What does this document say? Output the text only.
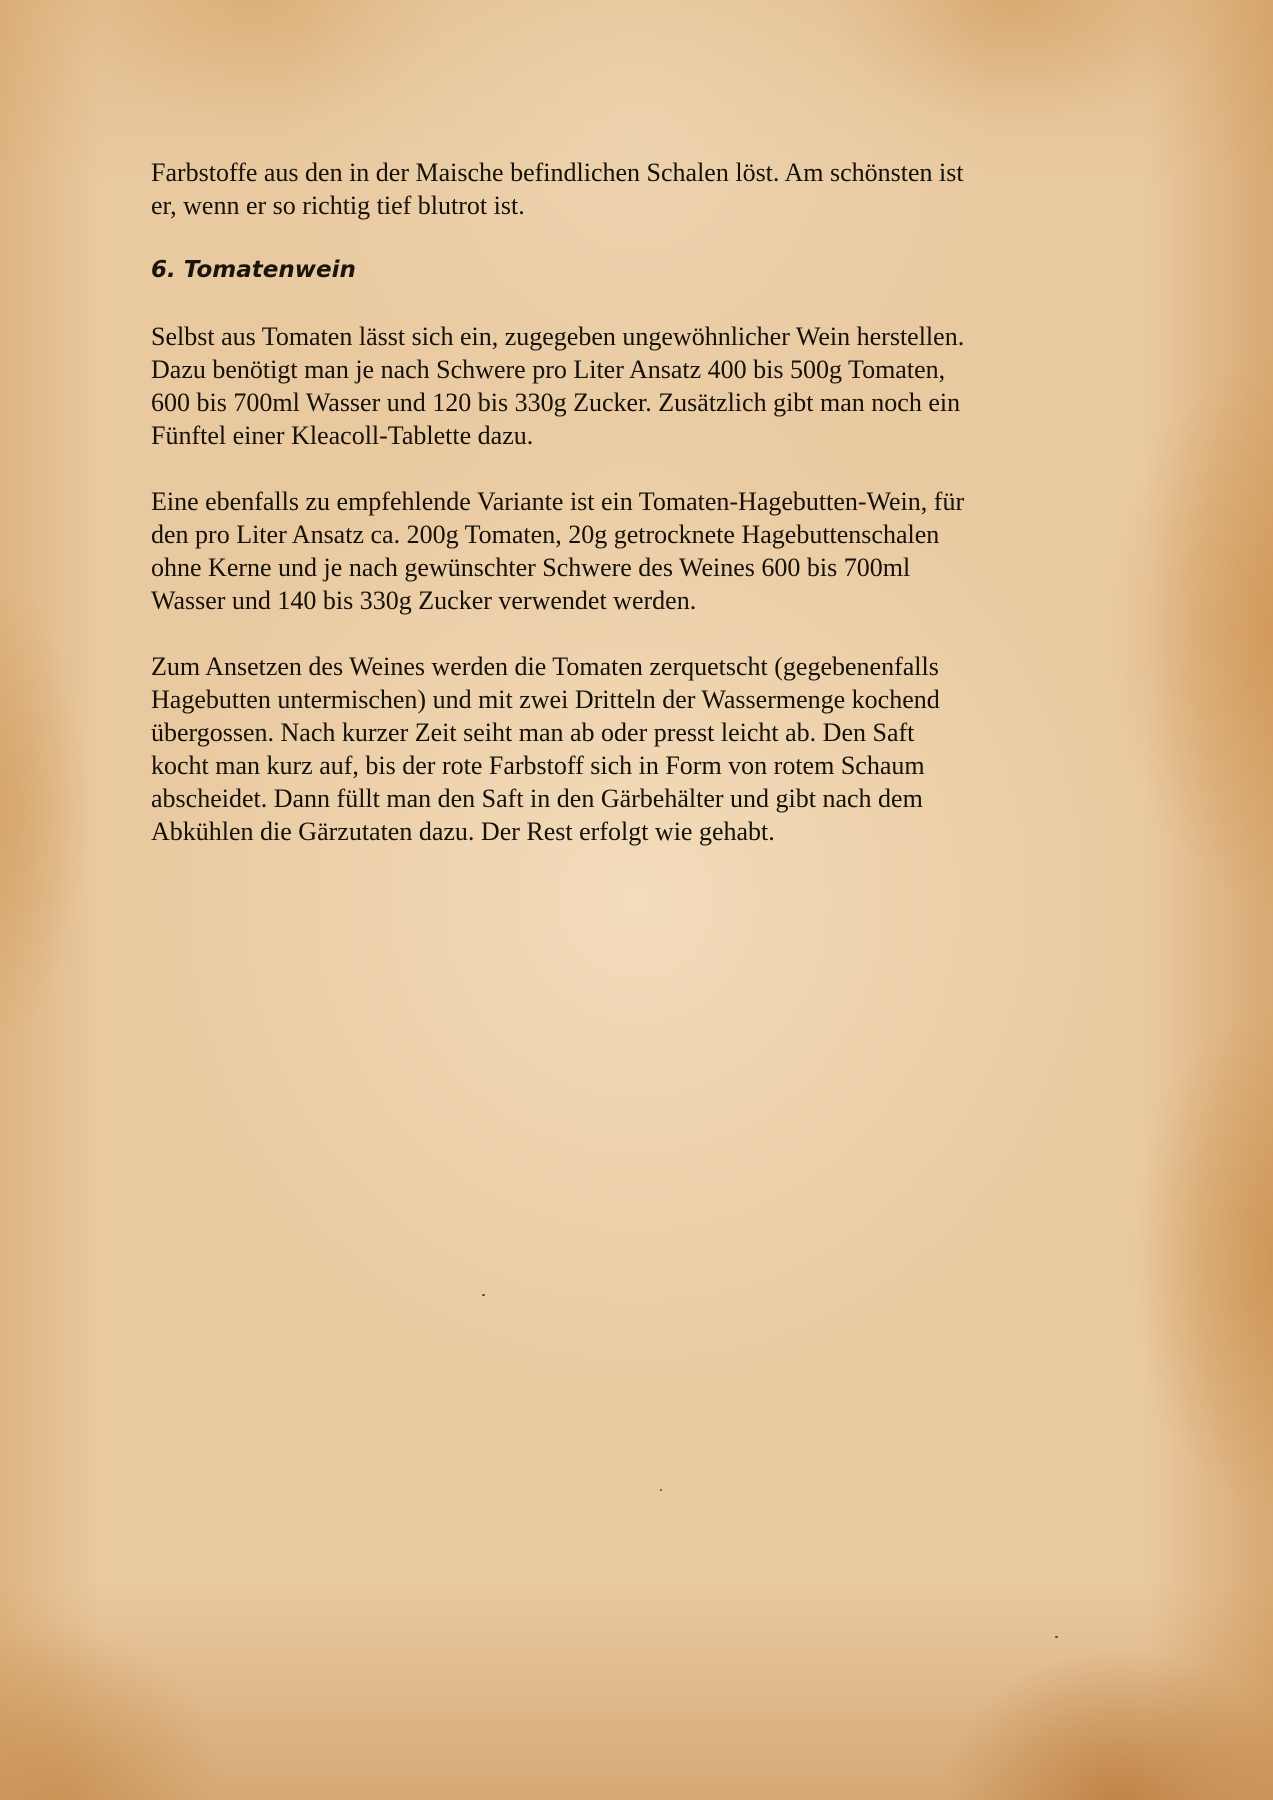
Farbstoffe aus den in der Maische befindlichen Schalen löst. Am schönsten ist er, wenn er so richtig tief blutrot ist.

6. Tomatenwein

Selbst aus Tomaten lässt sich ein, zugegeben ungewöhnlicher Wein herstellen. Dazu benötigt man je nach Schwere pro Liter Ansatz 400 bis 500g Tomaten, 600 bis 700ml Wasser und 120 bis 330g Zucker. Zusätzlich gibt man noch ein Fünftel einer Kleacoll-Tablette dazu.

Eine ebenfalls zu empfehlende Variante ist ein Tomaten-Hagebutten-Wein, für den pro Liter Ansatz ca. 200g Tomaten, 20g getrocknete Hagebuttenschalen ohne Kerne und je nach gewünschter Schwere des Weines 600 bis 700ml Wasser und 140 bis 330g Zucker verwendet werden.

Zum Ansetzen des Weines werden die Tomaten zerquetscht (gegebenenfalls Hagebutten untermischen) und mit zwei Dritteln der Wassermenge kochend übergossen. Nach kurzer Zeit seiht man ab oder presst leicht ab. Den Saft kocht man kurz auf, bis der rote Farbstoff sich in Form von rotem Schaum abscheidet. Dann füllt man den Saft in den Gärbehälter und gibt nach dem Abkühlen die Gärzutaten dazu. Der Rest erfolgt wie gehabt.
